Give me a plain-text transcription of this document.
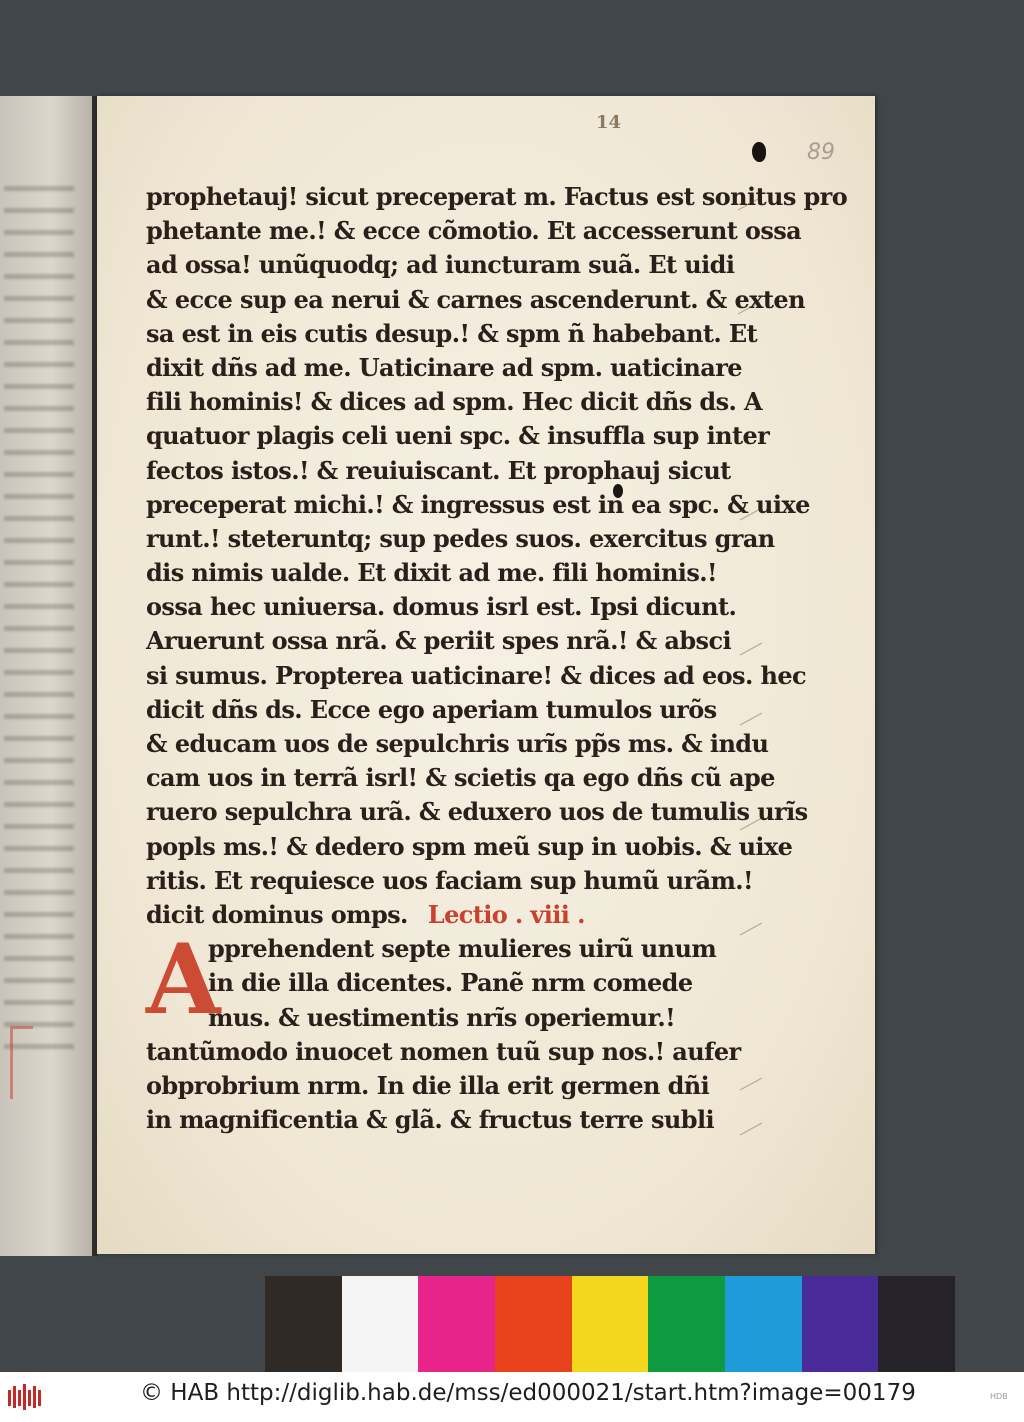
14
89
prophetauj! sicut preceperat m. Factus est sonitus pro
phetante me.! & ecce cõmotio. Et accesserunt ossa
ad ossa! unũquodq; ad iuncturam suã. Et uidi
& ecce sup ea nerui & carnes ascenderunt. & exten
sa est in eis cutis desup.! & spm ñ habebant. Et
dixit dñs ad me. Uaticinare ad spm. uaticinare
fili hominis! & dices ad spm. Hec dicit dñs ds. A
quatuor plagis celi ueni spc. & insuffla sup inter
fectos istos.! & reuiuiscant. Et prophauj sicut
preceperat michi.! & ingressus est in ea spc. & uixe
runt.! steteruntq; sup pedes suos. exercitus gran
dis nimis ualde. Et dixit ad me. fili hominis.!
ossa hec uniuersa. domus isrl est. Ipsi dicunt.
Aruerunt ossa nrã. & periit spes nrã.! & absci
si sumus. Propterea uaticinare! & dices ad eos. hec
dicit dñs ds. Ecce ego aperiam tumulos urõs
& educam uos de sepulchris urĩs pp̃s ms. & indu
cam uos in terrã isrl! & scietis qa ego dñs cũ ape
ruero sepulchra urã. & eduxero uos de tumulis urĩs
popls ms.! & dedero spm meũ sup in uobis. & uixe
ritis. Et requiesce uos faciam sup humũ urãm.!
dicit dominus omps. Lectio . viii .
pprehendent septe mulieres uirũ unum
in die illa dicentes. Panẽ nrm comede
mus. & uestimentis nrĩs operiemur.!
tantũmodo inuocet nomen tuũ sup nos.! aufer
obprobrium nrm. In die illa erit germen dñi
in magnificentia & glã. & fructus terre subli
A
© HAB http://diglib.hab.de/mss/ed000021/start.htm?image=00179	HDB
